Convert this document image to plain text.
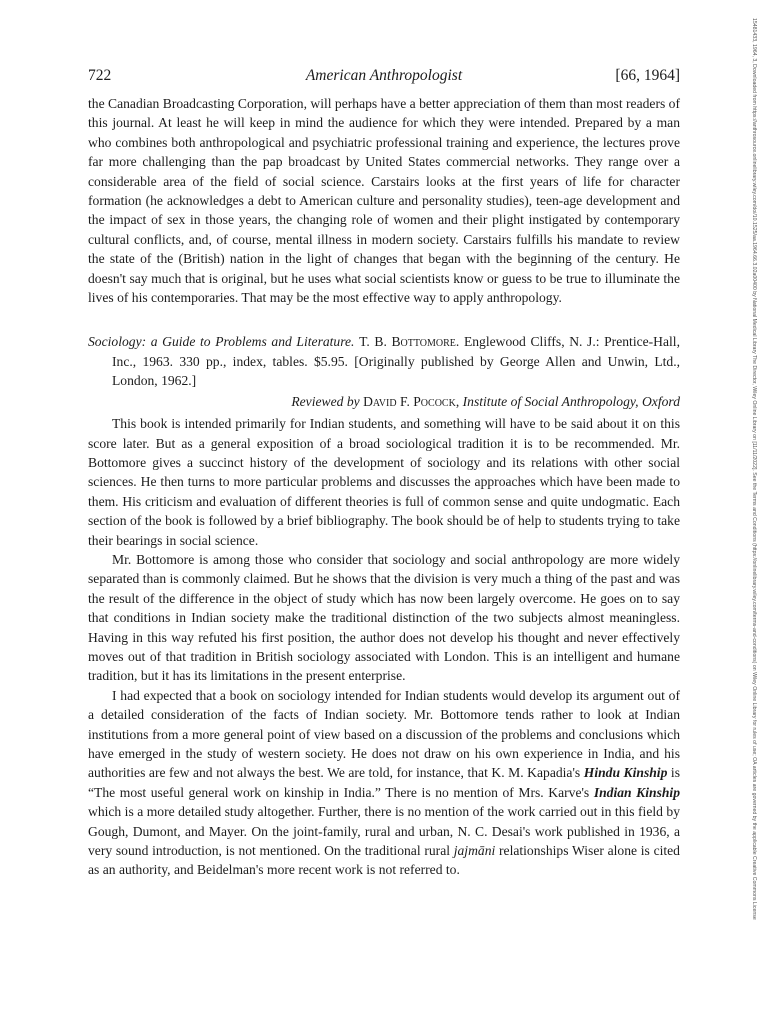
722	American Anthropologist	[66, 1964]

the Canadian Broadcasting Corporation, will perhaps have a better appreciation of them than most readers of this journal. At least he will keep in mind the audience for which they were intended. Prepared by a man who combines both anthropological and psychiatric professional training and experience, the lectures prove far more challenging than the pap broadcast by United States commercial networks. They range over a considerable area of the field of social science. Carstairs looks at the first years of life for character formation (he acknowledges a debt to American culture and personality studies), teen-age development and the impact of sex in those years, the changing role of women and their plight instigated by contemporary cultural conflicts, and, of course, mental illness in modern society. Carstairs fulfills his mandate to review the state of the (British) nation in the light of changes that began with the beginning of the century. He doesn't say much that is original, but he uses what social scientists know or guess to be true to illuminate the lives of his contemporaries. That may be the most effective way to apply anthropology.

Sociology: a Guide to Problems and Literature. T. B. Bottomore. Englewood Cliffs, N. J.: Prentice-Hall, Inc., 1963. 330 pp., index, tables. $5.95. [Originally published by George Allen and Unwin, Ltd., London, 1962.]

Reviewed by David F. Pocock, Institute of Social Anthropology, Oxford

This book is intended primarily for Indian students, and something will have to be said about it on this score later. But as a general exposition of a broad sociological tradition it is to be recommended. Mr. Bottomore gives a succinct history of the development of sociology and its relations with other social sciences. He then turns to more particular problems and discusses the approaches which have been made to them. His criticism and evaluation of different theories is full of common sense and quite undogmatic. Each section of the book is followed by a brief bibliography. The book should be of help to students trying to take their bearings in social science.

Mr. Bottomore is among those who consider that sociology and social anthropology are more widely separated than is commonly claimed. But he shows that the division is very much a thing of the past and was the result of the difference in the object of study which has now been largely overcome. He goes on to say that conditions in Indian society make the traditional distinction of the two subjects almost meaningless. Having in this way refuted his first position, the author does not develop his thought and never effectively moves out of that tradition in British sociology associated with London. This is an intelligent and humane tradition, but it has its limitations in the present enterprise.

I had expected that a book on sociology intended for Indian students would develop its argument out of a detailed consideration of the facts of Indian society. Mr. Bottomore tends rather to look at Indian institutions from a more general point of view based on a discussion of the problems and conclusions which have emerged in the study of western society. He does not draw on his own experience in India, and his authorities are few and not always the best. We are told, for instance, that K. M. Kapadia's Hindu Kinship is “The most useful general work on kinship in India.” There is no mention of Mrs. Karve's Indian Kinship which is a more detailed study altogether. Further, there is no mention of the work carried out in this field by Gough, Dumont, and Mayer. On the joint-family, rural and urban, N. C. Desai's work published in 1936, a very sound introduction, is not mentioned. On the traditional rural jajmāni relationships Wiser alone is cited as an authority, and Beidelman's more recent work is not referred to.	15481433, 1964, 3, Downloaded from https://anthrosource.onlinelibrary.wiley.com/doi/10.1525/aa.1964.66.3.02a00400 by National Medical Library The Director, Wiley Online Library on [11/11/2022]. See the Terms and Conditions (https://onlinelibrary.wiley.com/terms-and-conditions) on Wiley Online Library for rules of use; OA articles are governed by the applicable Creative Commons License
